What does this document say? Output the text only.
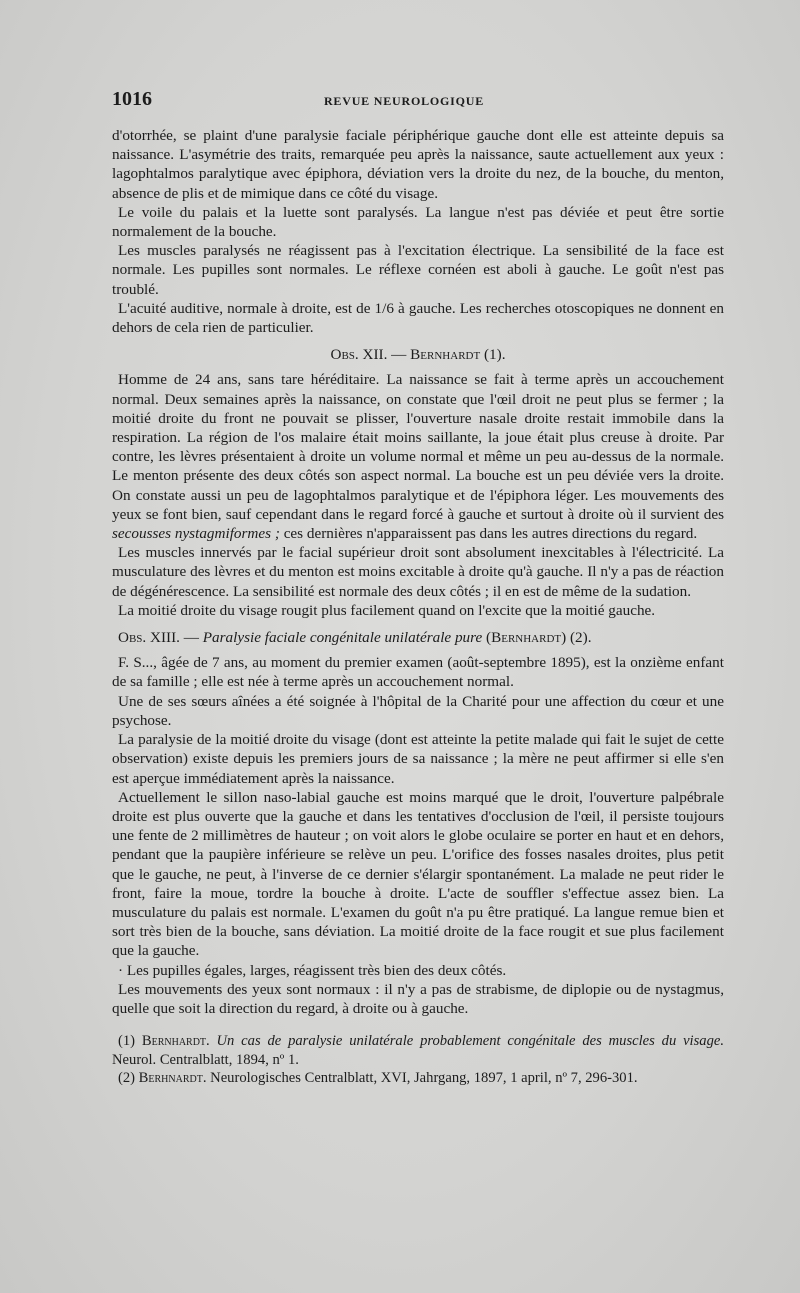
1016	REVUE NEUROLOGIQUE

d'otorrhée, se plaint d'une paralysie faciale périphérique gauche dont elle est atteinte depuis sa naissance. L'asymétrie des traits, remarquée peu après la naissance, saute actuellement aux yeux : lagophtalmos paralytique avec épiphora, déviation vers la droite du nez, de la bouche, du menton, absence de plis et de mimique dans ce côté du visage.

Le voile du palais et la luette sont paralysés. La langue n'est pas déviée et peut être sortie normalement de la bouche.

Les muscles paralysés ne réagissent pas à l'excitation électrique. La sensibilité de la face est normale. Les pupilles sont normales. Le réflexe cornéen est aboli à gauche. Le goût n'est pas troublé.

L'acuité auditive, normale à droite, est de 1/6 à gauche. Les recherches otoscopiques ne donnent en dehors de cela rien de particulier.

Obs. XII. — Bernhardt (1).

Homme de 24 ans, sans tare héréditaire. La naissance se fait à terme après un accouchement normal. Deux semaines après la naissance, on constate que l'œil droit ne peut plus se fermer ; la moitié droite du front ne pouvait se plisser, l'ouverture nasale droite restait immobile dans la respiration. La région de l'os malaire était moins saillante, la joue était plus creuse à droite. Par contre, les lèvres présentaient à droite un volume normal et même un peu au-dessus de la normale. Le menton présente des deux côtés son aspect normal. La bouche est un peu déviée vers la droite. On constate aussi un peu de lagophtalmos paralytique et de l'épiphora léger. Les mouvements des yeux se font bien, sauf cependant dans le regard forcé à gauche et surtout à droite où il survient des secousses nystagmiformes ; ces dernières n'apparaissent pas dans les autres directions du regard.

Les muscles innervés par le facial supérieur droit sont absolument inexcitables à l'électricité. La musculature des lèvres et du menton est moins excitable à droite qu'à gauche. Il n'y a pas de réaction de dégénérescence. La sensibilité est normale des deux côtés ; il en est de même de la sudation.

La moitié droite du visage rougit plus facilement quand on l'excite que la moitié gauche.

Obs. XIII. — Paralysie faciale congénitale unilatérale pure (Bernhardt) (2).

F. S..., âgée de 7 ans, au moment du premier examen (août-septembre 1895), est la onzième enfant de sa famille ; elle est née à terme après un accouchement normal.

Une de ses sœurs aînées a été soignée à l'hôpital de la Charité pour une affection du cœur et une psychose.

La paralysie de la moitié droite du visage (dont est atteinte la petite malade qui fait le sujet de cette observation) existe depuis les premiers jours de sa naissance ; la mère ne peut affirmer si elle s'en est aperçue immédiatement après la naissance.

Actuellement le sillon naso-labial gauche est moins marqué que le droit, l'ouverture palpébrale droite est plus ouverte que la gauche et dans les tentatives d'occlusion de l'œil, il persiste toujours une fente de 2 millimètres de hauteur ; on voit alors le globe oculaire se porter en haut et en dehors, pendant que la paupière inférieure se relève un peu. L'orifice des fosses nasales droites, plus petit que le gauche, ne peut, à l'inverse de ce dernier s'élargir spontanément. La malade ne peut rider le front, faire la moue, tordre la bouche à droite. L'acte de souffler s'effectue assez bien. La musculature du palais est normale. L'examen du goût n'a pu être pratiqué. La langue remue bien et sort très bien de la bouche, sans déviation. La moitié droite de la face rougit et sue plus facilement que la gauche.

· Les pupilles égales, larges, réagissent très bien des deux côtés.

Les mouvements des yeux sont normaux : il n'y a pas de strabisme, de diplopie ou de nystagmus, quelle que soit la direction du regard, à droite ou à gauche.

(1) Bernhardt. Un cas de paralysie unilatérale probablement congénitale des muscles du visage. Neurol. Centralblatt, 1894, nº 1.

(2) Berhnardt. Neurologisches Centralblatt, XVI, Jahrgang, 1897, 1 april, nº 7, 296-301.
